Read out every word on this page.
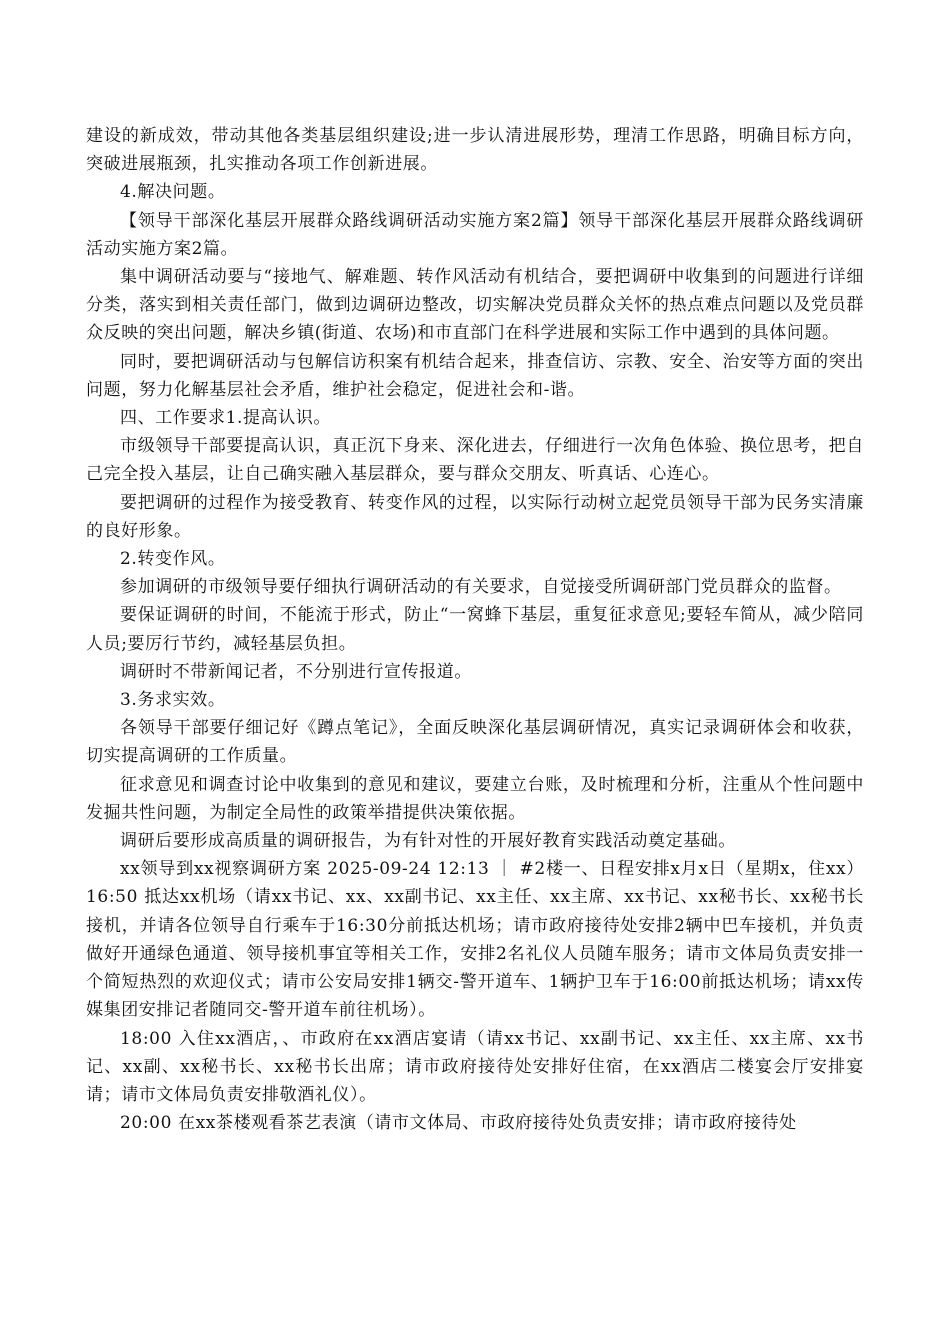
建设的新成效，带动其他各类基层组织建设;进一步认清进展形势，理清工作思路，明确目标方向，突破进展瓶颈，扎实推动各项工作创新进展。

4.解决问题。

【领导干部深化基层开展群众路线调研活动实施方案2篇】领导干部深化基层开展群众路线调研活动实施方案2篇。

集中调研活动要与“接地气、解难题、转作风活动有机结合，要把调研中收集到的问题进行详细分类，落实到相关责任部门，做到边调研边整改，切实解决党员群众关怀的热点难点问题以及党员群众反映的突出问题，解决乡镇(街道、农场)和市直部门在科学进展和实际工作中遇到的具体问题。

同时，要把调研活动与包解信访积案有机结合起来，排查信访、宗教、安全、治安等方面的突出问题，努力化解基层社会矛盾，维护社会稳定，促进社会和-谐。

四、工作要求1.提高认识。

市级领导干部要提高认识，真正沉下身来、深化进去，仔细进行一次角色体验、换位思考，把自己完全投入基层，让自己确实融入基层群众，要与群众交朋友、听真话、心连心。

要把调研的过程作为接受教育、转变作风的过程，以实际行动树立起党员领导干部为民务实清廉的良好形象。

2.转变作风。

参加调研的市级领导要仔细执行调研活动的有关要求，自觉接受所调研部门党员群众的监督。

要保证调研的时间，不能流于形式，防止“一窝蜂下基层，重复征求意见;要轻车简从，减少陪同人员;要厉行节约，减轻基层负担。

调研时不带新闻记者，不分别进行宣传报道。

3.务求实效。

各领导干部要仔细记好《蹲点笔记》，全面反映深化基层调研情况，真实记录调研体会和收获，切实提高调研的工作质量。

征求意见和调查讨论中收集到的意见和建议，要建立台账，及时梳理和分析，注重从个性问题中发掘共性问题，为制定全局性的政策举措提供决策依据。

调研后要形成高质量的调研报告，为有针对性的开展好教育实践活动奠定基础。

xx领导到xx视察调研方案 2025-09-24 12:13 ｜ #2楼一、日程安排x月x日（星期x，住xx）16:50 抵达xx机场（请xx书记、xx、xx副书记、xx主任、xx主席、xx书记、xx秘书长、xx秘书长接机，并请各位领导自行乘车于16:30分前抵达机场；请市政府接待处安排2辆中巴车接机，并负责做好开通绿色通道、领导接机事宜等相关工作，安排2名礼仪人员随车服务；请市文体局负责安排一个简短热烈的欢迎仪式；请市公安局安排1辆交-警开道车、1辆护卫车于16:00前抵达机场；请xx传媒集团安排记者随同交-警开道车前往机场）。

18:00 入住xx酒店，、市政府在xx酒店宴请（请xx书记、xx副书记、xx主任、xx主席、xx书记、xx副、xx秘书长、xx秘书长出席；请市政府接待处安排好住宿，在xx酒店二楼宴会厅安排宴请；请市文体局负责安排敬酒礼仪）。

20:00 在xx茶楼观看茶艺表演（请市文体局、市政府接待处负责安排；请市政府接待处
